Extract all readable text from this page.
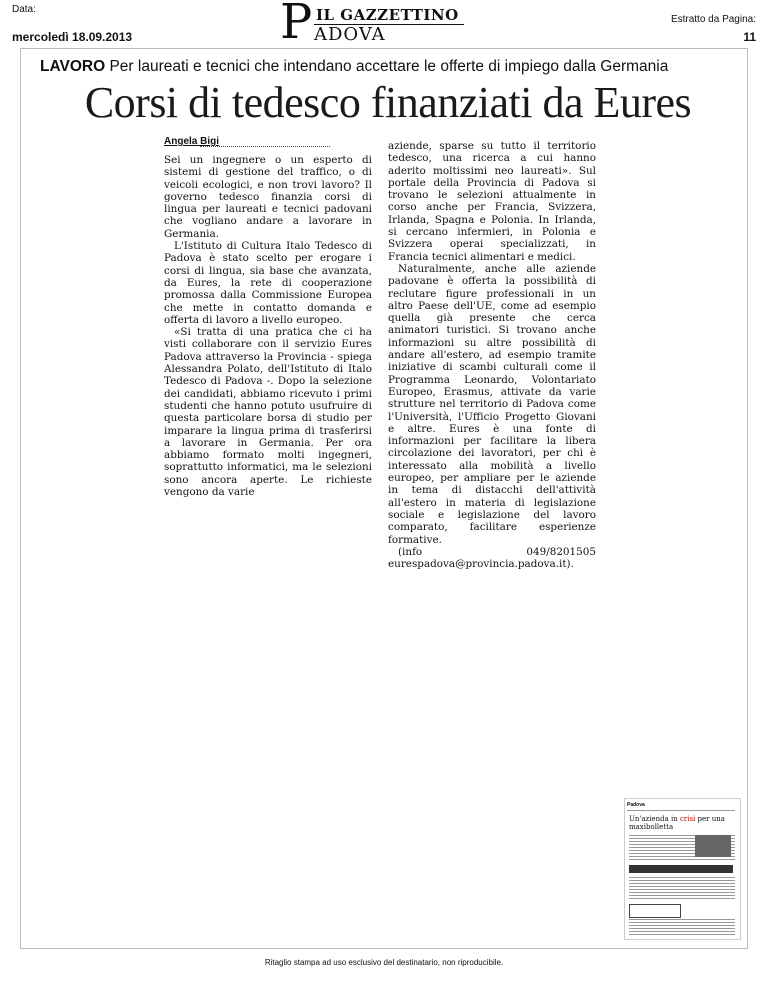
Data:
mercoledì 18.09.2013
Estratto da Pagina:
11
P IL GAZZETTINO
ADOVA
LAVORO Per laureati e tecnici che intendano accettare le offerte di impiego dalla Germania
Corsi di tedesco finanziati da Eures
Angela Bigi

Sei un ingegnere o un esperto di sistemi di gestione del traffico, o di veicoli ecologici, e non trovi lavoro? Il governo tedesco finanzia corsi di lingua per laureati e tecnici padovani che vogliano andare a lavorare in Germania.

L'Istituto di Cultura Italo Tedesco di Padova è stato scelto per erogare i corsi di lingua, sia base che avanzata, da Eures, la rete di cooperazione promossa dalla Commissione Europea che mette in contatto domanda e offerta di lavoro a livello europeo.

«Si tratta di una pratica che ci ha visti collaborare con il servizio Eures Padova attraverso la Provincia - spiega Alessandra Polato, dell'Istituto di Italo Tedesco di Padova -. Dopo la selezione dei candidati, abbiamo ricevuto i primi studenti che hanno potuto usufruire di questa particolare borsa di studio per imparare la lingua prima di trasferirsi a lavorare in Germania. Per ora abbiamo formato molti ingegneri, soprattutto informatici, ma le selezioni sono ancora aperte. Le richieste vengono da varie

aziende, sparse su tutto il territorio tedesco, una ricerca a cui hanno aderito moltissimi neo laureati». Sul portale della Provincia di Padova si trovano le selezioni attualmente in corso anche per Francia, Svizzera, Irlanda, Spagna e Polonia. In Irlanda, si cercano infermieri, in Polonia e Svizzera operai specializzati, in Francia tecnici alimentari e medici.

Naturalmente, anche alle aziende padovane è offerta la possibilità di reclutare figure professionali in un altro Paese dell'UE, come ad esempio quella già presente che cerca animatori turistici. Si trovano anche informazioni su altre possibilità di andare all'estero, ad esempio tramite iniziative di scambi culturali come il Programma Leonardo, Volontariato Europeo, Erasmus, attivate da varie strutture nel territorio di Padova come l'Università, l'Ufficio Progetto Giovani e altre. Eures è una fonte di informazioni per facilitare la libera circolazione dei lavoratori, per chi è interessato alla mobilità a livello europeo, per ampliare per le aziende in tema di distacchi dell'attività all'estero in materia di legislazione sociale e legislazione del lavoro comparato, facilitare esperienze formative.

(info 049/8201505 eurespadova@provincia.padova.it).

Padova
Un'azienda in crisi per una maxibolletta
Ritaglio stampa ad uso esclusivo del destinatario, non riproducibile.
